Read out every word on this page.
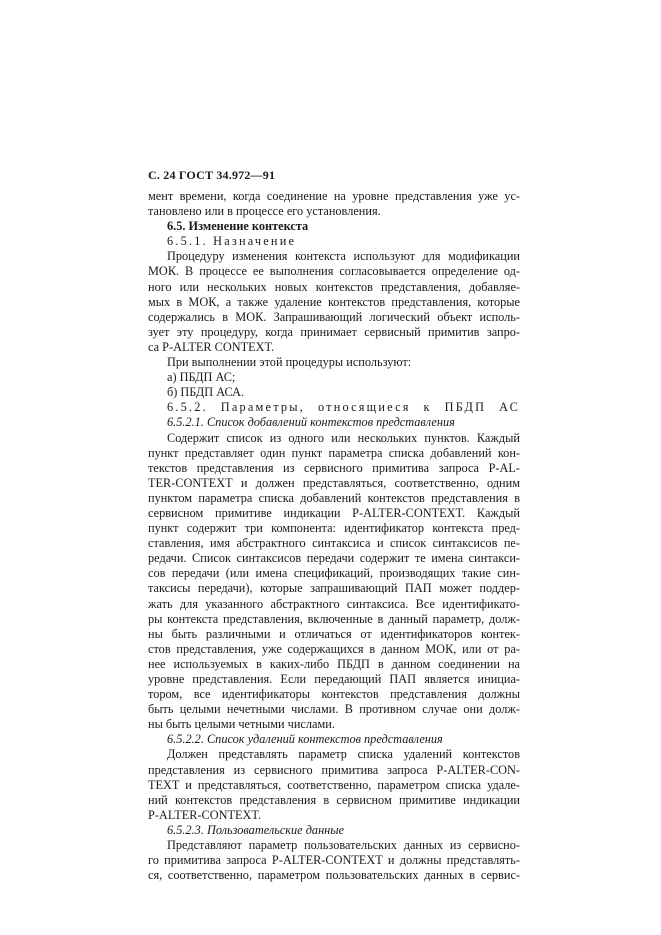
С. 24 ГОСТ 34.972—91
мент времени, когда соединение на уровне представления уже ус-
тановлено или в процессе его установления.
6.5. Изменение контекста
6.5.1. Назначение
Процедуру изменения контекста используют для модификации
МОК. В процессе ее выполнения согласовывается определение од-
ного или нескольких новых контекстов представления, добавляе-
мых в МОК, а также удаление контекстов представления, которые
содержались в МОК. Запрашивающий логический объект исполь-
зует эту процедуру, когда принимает сервисный примитив запро-
са P-ALTER CONTEXT.
При выполнении этой процедуры используют:
а) ПБДП АС;
б) ПБДП АСА.
6.5.2. Параметры, относящиеся к ПБДП АС
6.5.2.1. Список добавлений контекстов представления
Содержит список из одного или нескольких пунктов. Каждый
пункт представляет один пункт параметра списка добавлений кон-
текстов представления из сервисного примитива запроса P-AL-
TER-CONTEXT и должен представляться, соответственно, одним
пунктом параметра списка добавлений контекстов представления в
сервисном примитиве индикации P-ALTER-CONTEXT. Каждый
пункт содержит три компонента: идентификатор контекста пред-
ставления, имя абстрактного синтаксиса и список синтаксисов пе-
редачи. Список синтаксисов передачи содержит те имена синтакси-
сов передачи (или имена спецификаций, производящих такие син-
таксисы передачи), которые запрашивающий ПАП может поддер-
жать для указанного абстрактного синтаксиса. Все идентификато-
ры контекста представления, включенные в данный параметр, долж-
ны быть различными и отличаться от идентификаторов контек-
стов представления, уже содержащихся в данном МОК, или от ра-
нее используемых в каких-либо ПБДП в данном соединении на
уровне представления. Если передающий ПАП является инициа-
тором, все идентификаторы контекстов представления должны
быть целыми нечетными числами. В противном случае они долж-
ны быть целыми четными числами.
6.5.2.2. Список удалений контекстов представления
Должен представлять параметр списка удалений контекстов
представления из сервисного примитива запроса P-ALTER-CON-
TEXT и представляться, соответственно, параметром списка удале-
ний контекстов представления в сервисном примитиве индикации
P-ALTER-CONTEXT.
6.5.2.3. Пользовательские данные
Представляют параметр пользовательских данных из сервисно-
го примитива запроса P-ALTER-CONTEXT и должны представлять-
ся, соответственно, параметром пользовательских данных в сервис-
